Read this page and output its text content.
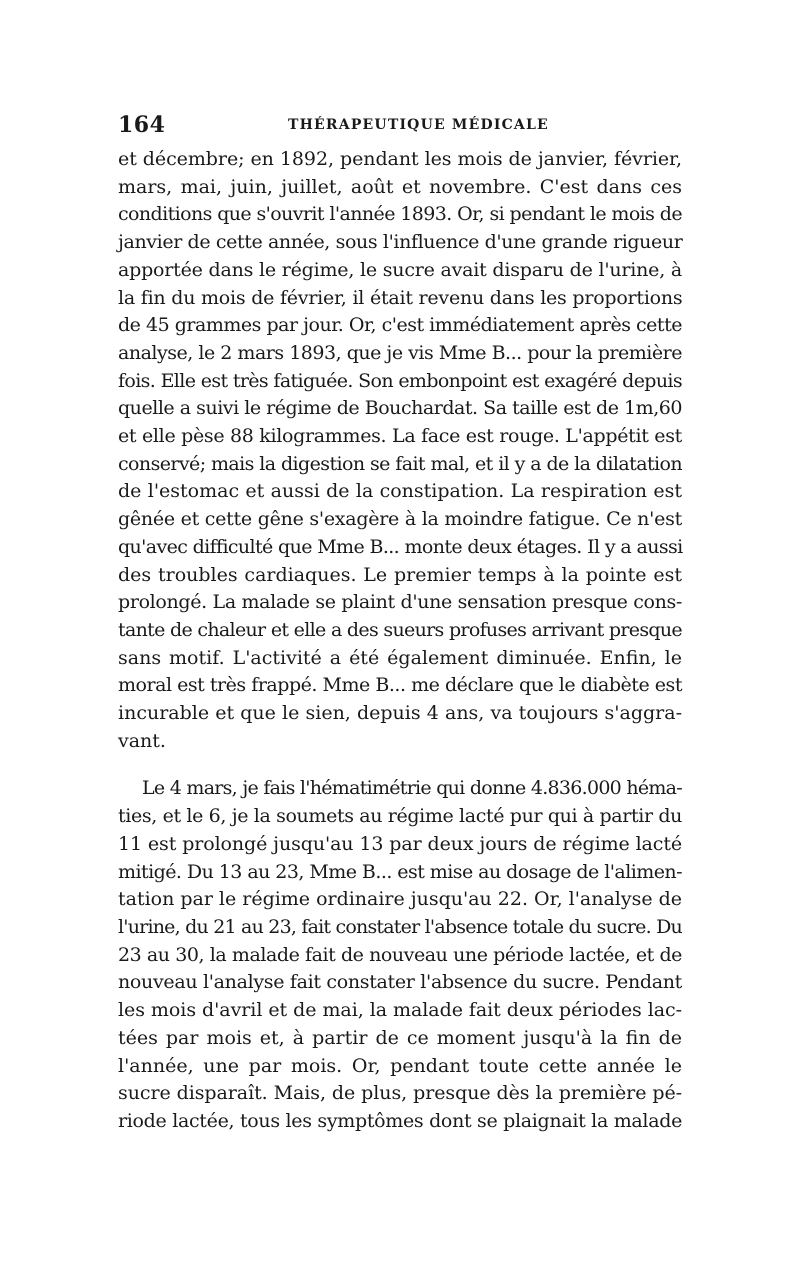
164	THÉRAPEUTIQUE MÉDICALE
et décembre; en 1892, pendant les mois de janvier, février,
mars, mai, juin, juillet, août et novembre. C'est dans ces
conditions que s'ouvrit l'année 1893. Or, si pendant le mois de
janvier de cette année, sous l'influence d'une grande rigueur
apportée dans le régime, le sucre avait disparu de l'urine, à
la fin du mois de février, il était revenu dans les proportions
de 45 grammes par jour. Or, c'est immédiatement après cette
analyse, le 2 mars 1893, que je vis Mme B... pour la première
fois. Elle est très fatiguée. Son embonpoint est exagéré depuis
quelle a suivi le régime de Bouchardat. Sa taille est de 1m,60
et elle pèse 88 kilogrammes. La face est rouge. L'appétit est
conservé; mais la digestion se fait mal, et il y a de la dilatation
de l'estomac et aussi de la constipation. La respiration est
gênée et cette gêne s'exagère à la moindre fatigue. Ce n'est
qu'avec difficulté que Mme B... monte deux étages. Il y a aussi
des troubles cardiaques. Le premier temps à la pointe est
prolongé. La malade se plaint d'une sensation presque cons-
tante de chaleur et elle a des sueurs profuses arrivant presque
sans motif. L'activité a été également diminuée. Enfin, le
moral est très frappé. Mme B... me déclare que le diabète est
incurable et que le sien, depuis 4 ans, va toujours s'aggra-
vant.
Le 4 mars, je fais l'hématimétrie qui donne 4.836.000 héma-
ties, et le 6, je la soumets au régime lacté pur qui à partir du
11 est prolongé jusqu'au 13 par deux jours de régime lacté
mitigé. Du 13 au 23, Mme B... est mise au dosage de l'alimen-
tation par le régime ordinaire jusqu'au 22. Or, l'analyse de
l'urine, du 21 au 23, fait constater l'absence totale du sucre. Du
23 au 30, la malade fait de nouveau une période lactée, et de
nouveau l'analyse fait constater l'absence du sucre. Pendant
les mois d'avril et de mai, la malade fait deux périodes lac-
tées par mois et, à partir de ce moment jusqu'à la fin de
l'année, une par mois. Or, pendant toute cette année le
sucre disparaît. Mais, de plus, presque dès la première pé-
riode lactée, tous les symptômes dont se plaignait la malade
